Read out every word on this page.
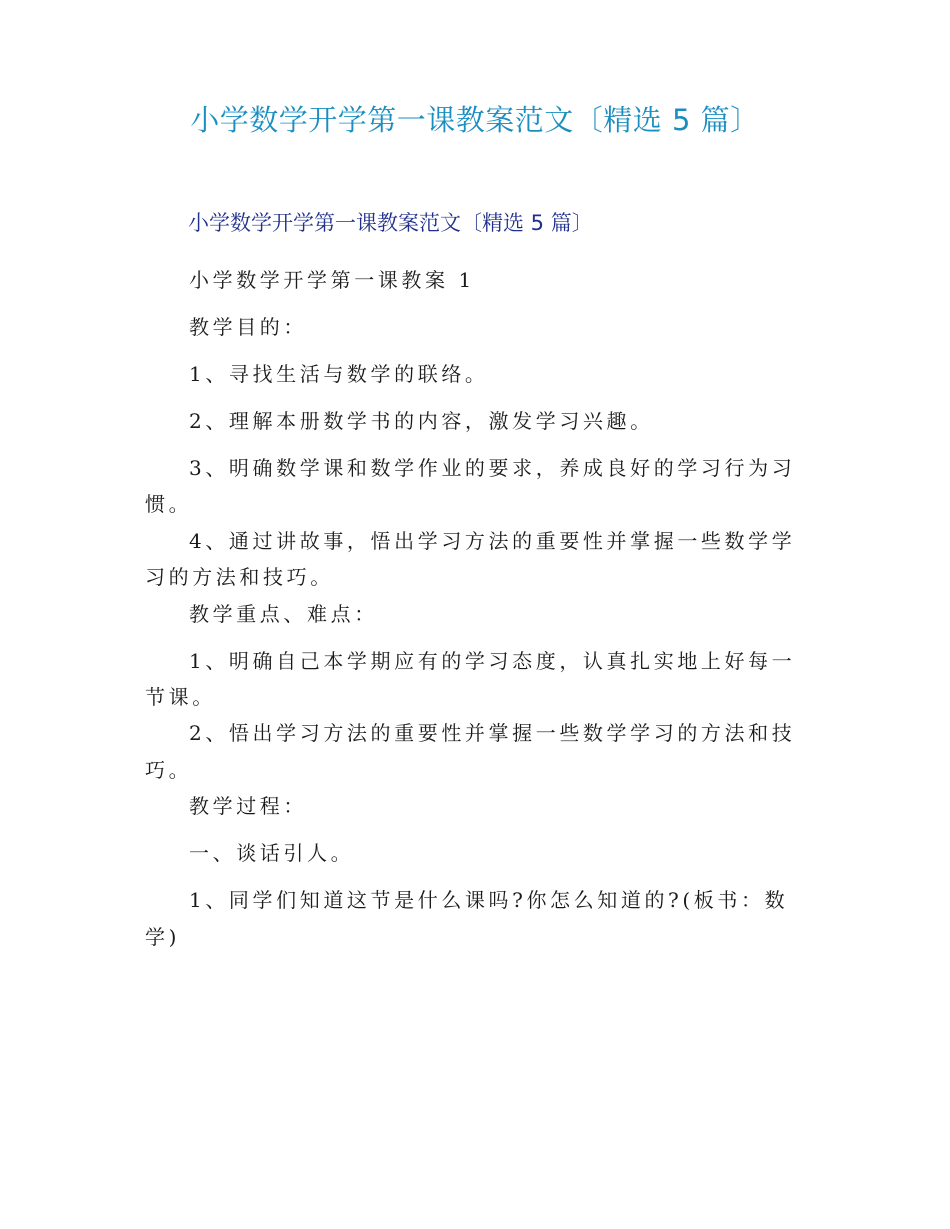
小学数学开学第一课教案范文〔精选 5 篇〕
小学数学开学第一课教案范文〔精选 5 篇〕

小学数学开学第一课教案 1

教学目的：

1、寻找生活与数学的联络。

2、理解本册数学书的内容，激发学习兴趣。

3、明确数学课和数学作业的要求，养成良好的学习行为习惯。

4、通过讲故事，悟出学习方法的重要性并掌握一些数学学习的方法和技巧。

教学重点、难点：

1、明确自己本学期应有的学习态度，认真扎实地上好每一节课。

2、悟出学习方法的重要性并掌握一些数学学习的方法和技巧。

教学过程：

一、谈话引人。

1、同学们知道这节是什么课吗?你怎么知道的?(板书：数学)
